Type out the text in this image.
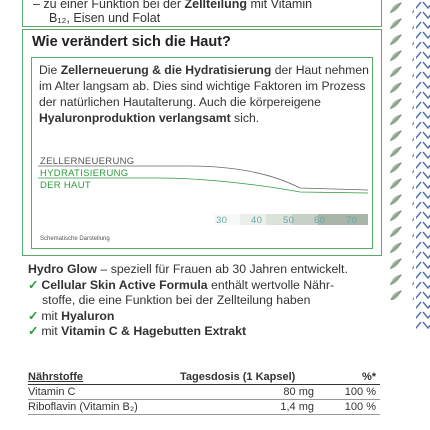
– zu einer Funktion bei der Zellteilung mit Vitamin
B₁₂, Eisen und Folat
Wie verändert sich die Haut?
Die Zellerneuerung & die Hydratisierung der Haut nehmen im Alter langsam ab. Dies sind wichtige Faktoren im Prozess der natürlichen Hautalterung. Auch die körpereigene Hyaluronproduktion verlangsamt sich.
ZELLERNEUERUNG
HYDRATISIERUNG
DER HAUT
30	40 50 60 70
Schematische Darstellung
Hydro Glow – speziell für Frauen ab 30 Jahren entwickelt.
✓ Cellular Skin Active Formula enthält wertvolle Nähr-
stoffe, die eine Funktion bei der Zellteilung haben
✓ mit Hyaluron
✓ mit Vitamin C & Hagebutten Extrakt
Nährstoffe	Tagesdosis (1 Kapsel)	%*
Vitamin C	80 mg	100 %
Riboflavin (Vitamin B₂)	1,4 mg	100 %
